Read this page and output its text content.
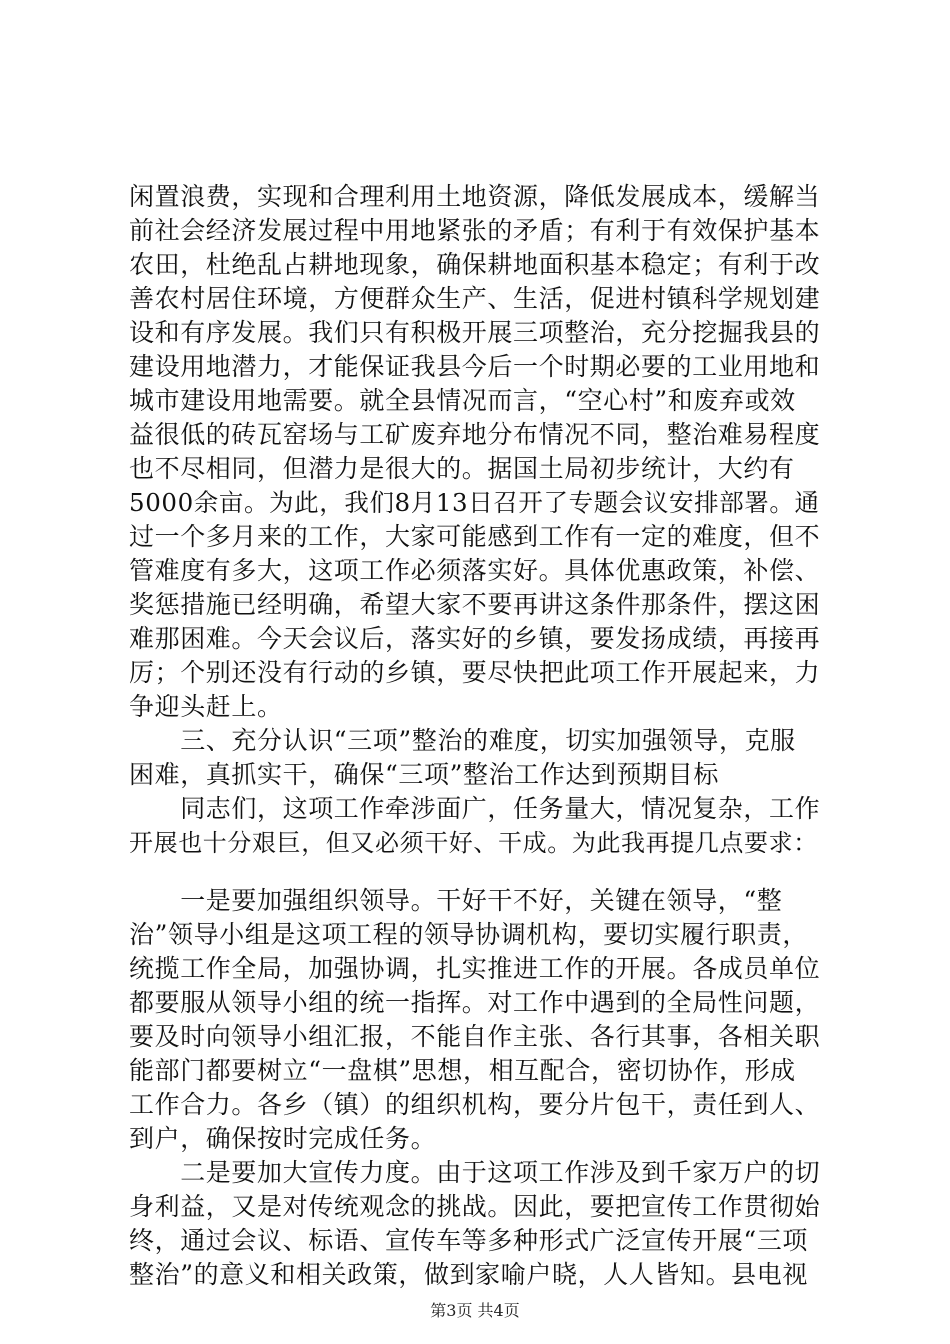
闲置浪费，实现和合理利用土地资源，降低发展成本，缓解当
前社会经济发展过程中用地紧张的矛盾；有利于有效保护基本
农田，杜绝乱占耕地现象，确保耕地面积基本稳定；有利于改
善农村居住环境，方便群众生产、生活，促进村镇科学规划建
设和有序发展。我们只有积极开展三项整治，充分挖掘我县的
建设用地潜力，才能保证我县今后一个时期必要的工业用地和
城市建设用地需要。就全县情况而言，“空心村”和废弃或效
益很低的砖瓦窑场与工矿废弃地分布情况不同，整治难易程度
也不尽相同，但潜力是很大的。据国土局初步统计，大约有
5000余亩。为此，我们8月13日召开了专题会议安排部署。通
过一个多月来的工作，大家可能感到工作有一定的难度，但不
管难度有多大，这项工作必须落实好。具体优惠政策，补偿、
奖惩措施已经明确，希望大家不要再讲这条件那条件，摆这困
难那困难。今天会议后，落实好的乡镇，要发扬成绩，再接再
厉；个别还没有行动的乡镇，要尽快把此项工作开展起来，力
争迎头赶上。
　　三、充分认识“三项”整治的难度，切实加强领导，克服
困难，真抓实干，确保“三项”整治工作达到预期目标
　　同志们，这项工作牵涉面广，任务量大，情况复杂，工作
开展也十分艰巨，但又必须干好、干成。为此我再提几点要求：
　　一是要加强组织领导。干好干不好，关键在领导，“整
治”领导小组是这项工程的领导协调机构，要切实履行职责，
统揽工作全局，加强协调，扎实推进工作的开展。各成员单位
都要服从领导小组的统一指挥。对工作中遇到的全局性问题，
要及时向领导小组汇报，不能自作主张、各行其事，各相关职
能部门都要树立“一盘棋”思想，相互配合，密切协作，形成
工作合力。各乡（镇）的组织机构，要分片包干，责任到人、
到户，确保按时完成任务。
　　二是要加大宣传力度。由于这项工作涉及到千家万户的切
身利益，又是对传统观念的挑战。因此，要把宣传工作贯彻始
终，通过会议、标语、宣传车等多种形式广泛宣传开展“三项
整治”的意义和相关政策，做到家喻户晓，人人皆知。县电视
第3页 共4页
